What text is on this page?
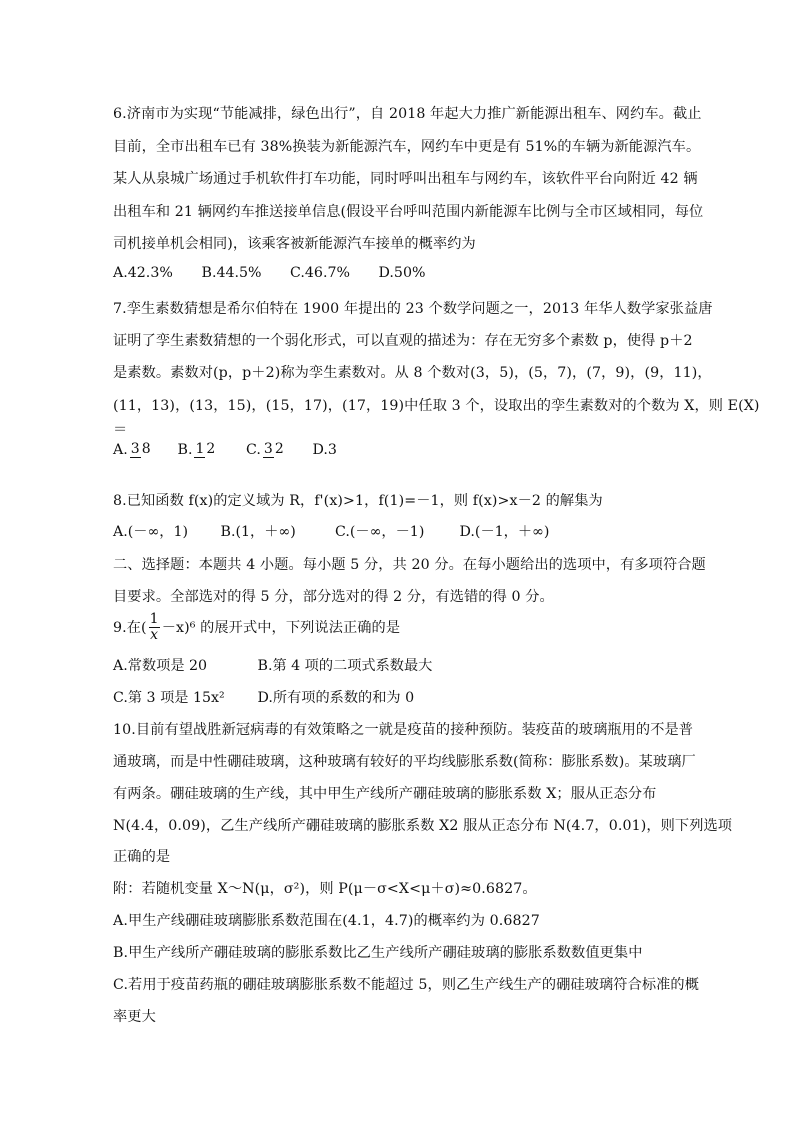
6.济南市为实现“节能减排，绿色出行”，自 2018 年起大力推广新能源出租车、网约车。截止
目前，全市出租车已有 38%换装为新能源汽车，网约车中更是有 51%的车辆为新能源汽车。
某人从泉城广场通过手机软件打车功能，同时呼叫出租车与网约车，该软件平台向附近 42 辆
出租车和 21 辆网约车推送接单信息(假设平台呼叫范围内新能源车比例与全市区域相同，每位
司机接单机会相同)，该乘客被新能源汽车接单的概率约为
A.42.3% B.44.5% C.46.7% D.50%
7.孪生素数猜想是希尔伯特在 1900 年提出的 23 个数学问题之一，2013 年华人数学家张益唐
证明了孪生素数猜想的一个弱化形式，可以直观的描述为：存在无穷多个素数 p，使得 p＋2
是素数。素数对(p，p＋2)称为孪生素数对。从 8 个数对(3，5)，(5，7)，(7，9)，(9，11)，
(11，13)，(13，15)，(15，17)，(17，19)中任取 3 个，设取出的孪生素数对的个数为 X，则 E(X)
＝
A. 3 8 B. 1 2 C. 3 2 D.3
8.已知函数 f(x)的定义域为 R，f'(x)>1，f(1)=－1，则 f(x)>x－2 的解集为
A.(－∞，1) B.(1，＋∞)	C.(－∞，－1) D.(－1，＋∞)
二、选择题：本题共 4 小题。每小题 5 分，共 20 分。在每小题给出的选项中，有多项符合题
目要求。全部选对的得 5 分，部分选对的得 2 分，有选错的得 0 分。
9.在( $\frac{1}{x} -x)^6$ 的展开式中，下列说法正确的是
A.常数项是 20	B.第 4 项的二项式系数最大
C.第 3 项是 15x² D.所有项的系数的和为 0
10.目前有望战胜新冠病毒的有效策略之一就是疫苗的接种预防。装疫苗的玻璃瓶用的不是普
通玻璃，而是中性硼硅玻璃，这种玻璃有较好的平均线膨胀系数(简称：膨胀系数)。某玻璃厂
有两条。硼硅玻璃的生产线，其中甲生产线所产硼硅玻璃的膨胀系数 X；服从正态分布
N(4.4，0.09)，乙生产线所产硼硅玻璃的膨胀系数 X2 服从正态分布 N(4.7，0.01)，则下列选项
正确的是
附：若随机变量 X～N(μ，σ²)，则 P(μ－σ<X<μ＋σ)≈0.6827。
A.甲生产线硼硅玻璃膨胀系数范围在(4.1，4.7)的概率约为 0.6827
B.甲生产线所产硼硅玻璃的膨胀系数比乙生产线所产硼硅玻璃的膨胀系数数值更集中
C.若用于疫苗药瓶的硼硅玻璃膨胀系数不能超过 5，则乙生产线生产的硼硅玻璃符合标准的概
率更大
